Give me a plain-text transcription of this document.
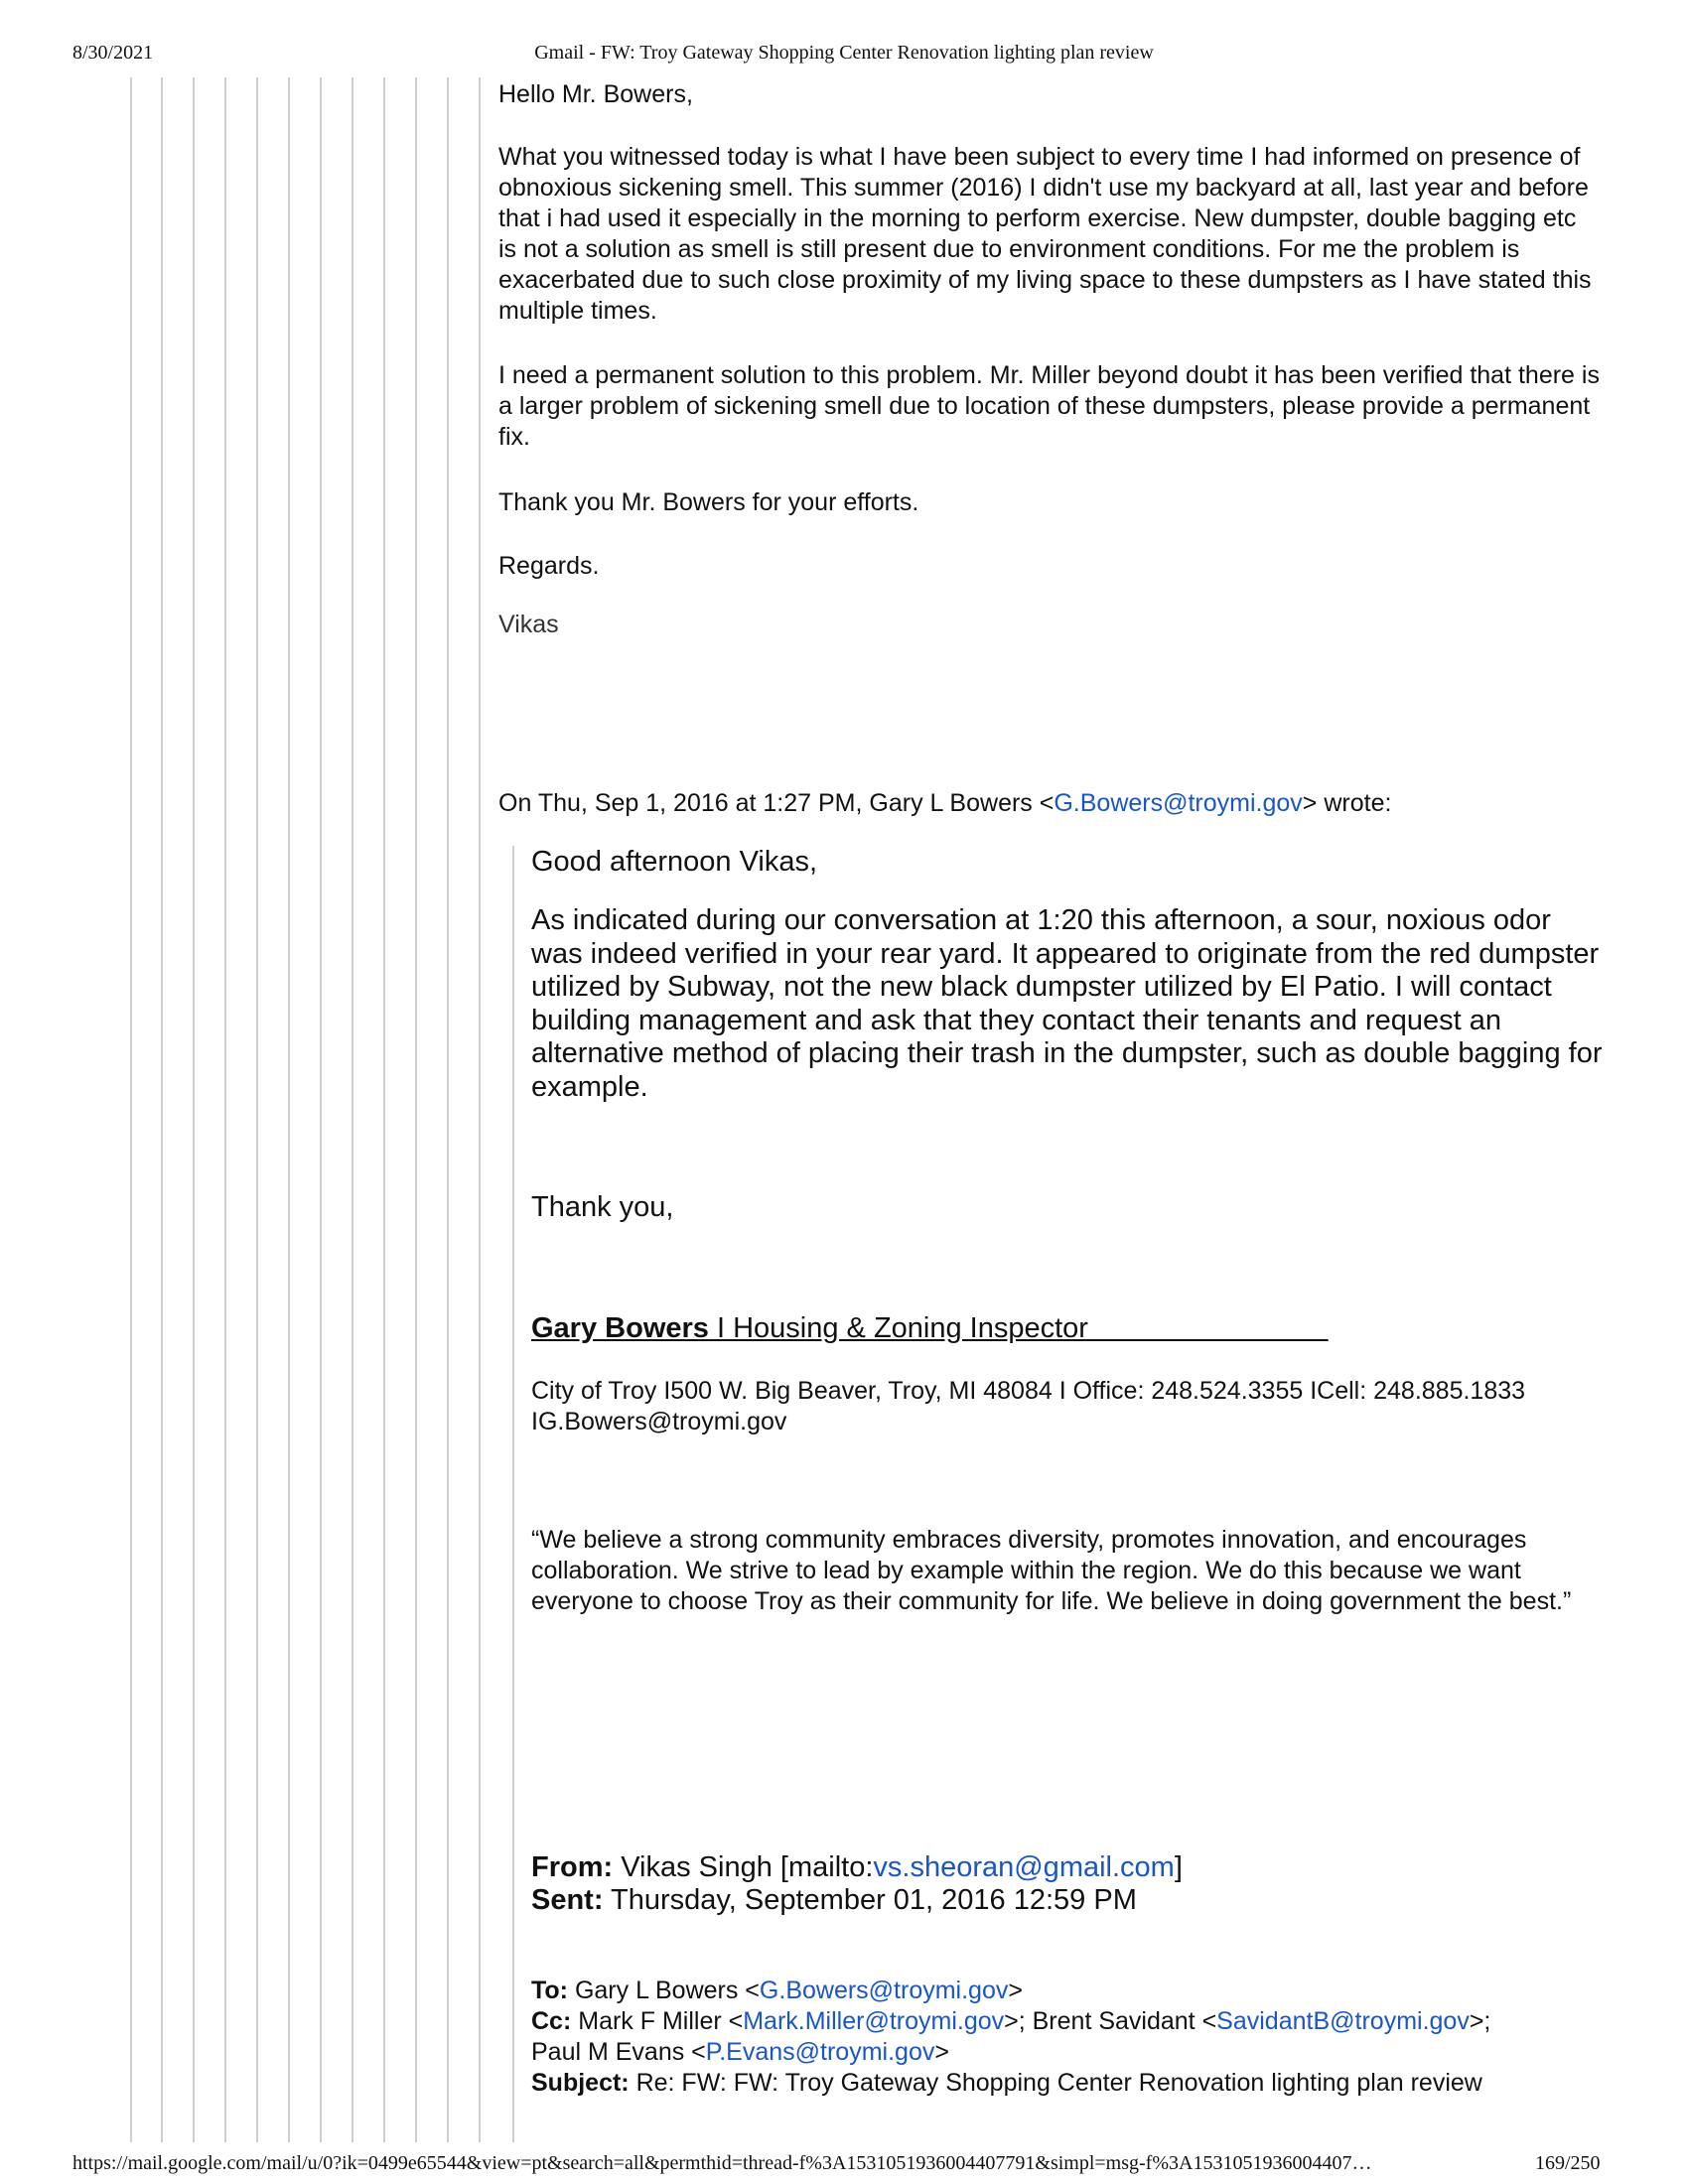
8/30/2021	Gmail - FW: Troy Gateway Shopping Center Renovation lighting plan review
Hello Mr. Bowers,
What you witnessed today is what I have been subject to every time I had informed on presence of obnoxious sickening smell. This summer (2016) I didn't use my backyard at all, last year and before that i had used it especially in the morning to perform exercise. New dumpster, double bagging etc is not a solution as smell is still present due to environment conditions. For me the problem is exacerbated due to such close proximity of my living space to these dumpsters as I have stated this multiple times.
I need a permanent solution to this problem. Mr. Miller beyond doubt it has been verified that there is a larger problem of sickening smell due to location of these dumpsters, please provide a permanent fix.
Thank you Mr. Bowers for your efforts.
Regards.
Vikas
On Thu, Sep 1, 2016 at 1:27 PM, Gary L Bowers <G.Bowers@troymi.gov> wrote:
Good afternoon Vikas,
As indicated during our conversation at 1:20 this afternoon, a sour, noxious odor was indeed verified in your rear yard. It appeared to originate from the red dumpster utilized by Subway, not the new black dumpster utilized by El Patio. I will contact building management and ask that they contact their tenants and request an alternative method of placing their trash in the dumpster, such as double bagging for example.
Thank you,
Gary Bowers I Housing & Zoning Inspector
City of Troy I500 W. Big Beaver, Troy, MI 48084 I Office: 248.524.3355 ICell: 248.885.1833 IG.Bowers@troymi.gov
“We believe a strong community embraces diversity, promotes innovation, and encourages collaboration. We strive to lead by example within the region. We do this because we want everyone to choose Troy as their community for life. We believe in doing government the best.”
From: Vikas Singh [mailto:vs.sheoran@gmail.com]
Sent: Thursday, September 01, 2016 12:59 PM
To: Gary L Bowers <G.Bowers@troymi.gov>
Cc: Mark F Miller <Mark.Miller@troymi.gov>; Brent Savidant <SavidantB@troymi.gov>;
Paul M Evans <P.Evans@troymi.gov>
Subject: Re: FW: FW: Troy Gateway Shopping Center Renovation lighting plan review
https://mail.google.com/mail/u/0?ik=0499e65544&view=pt&search=all&permthid=thread-f%3A1531051936004407791&simpl=msg-f%3A1531051936004407…	169/250
